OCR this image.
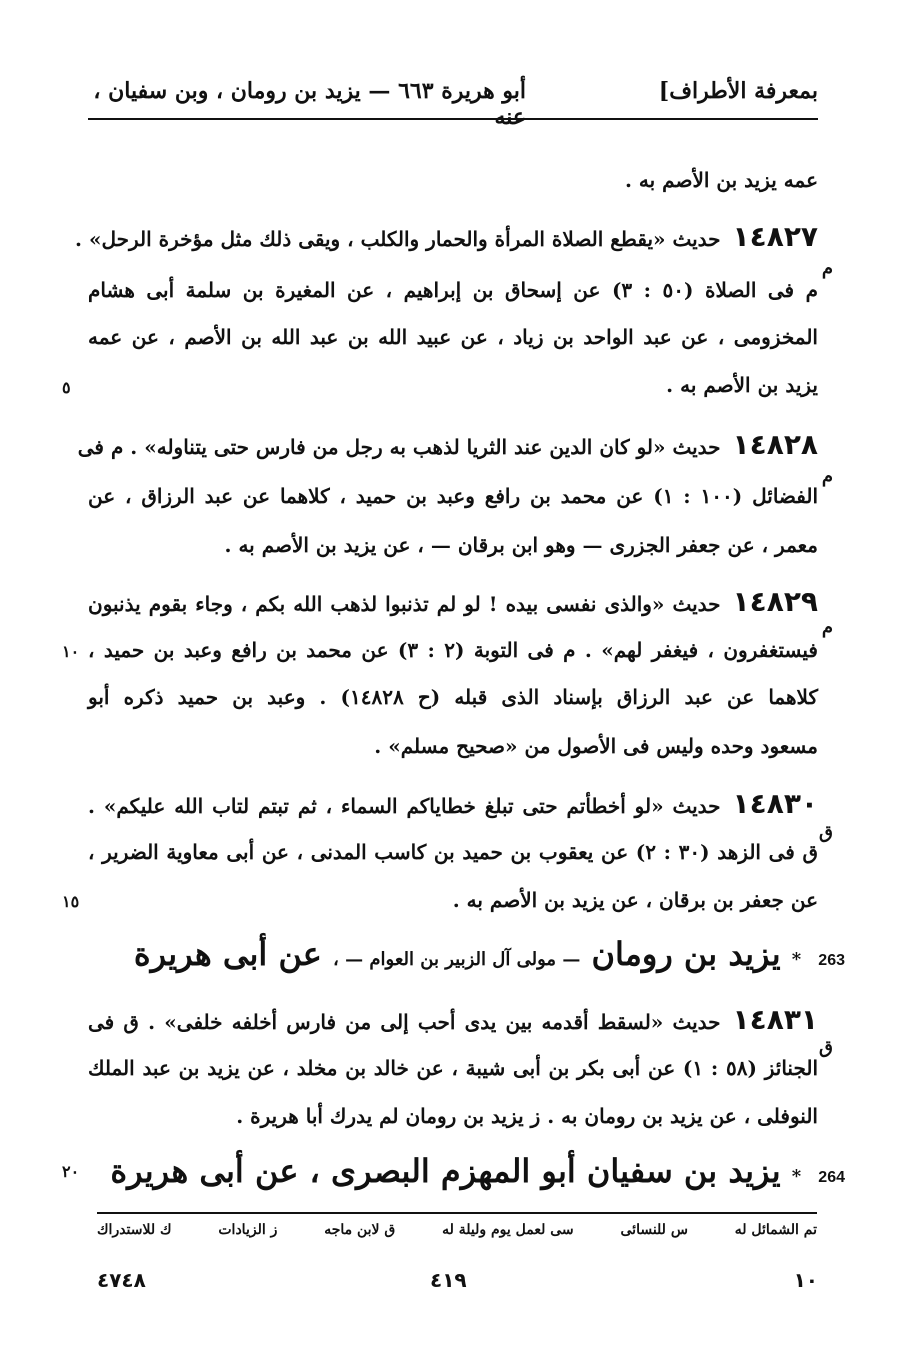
بمعرفة الأطراف]
أبو هريرة ٦٦٣ — يزيد بن رومان ، وبن سفيان ، عنه
عمه يزيد بن الأصم به .
١٤٨٢٧حديث «يقطع الصلاة المرأة والحمار والكلب ، ويقى ذلك مثل مؤخرة الرحل» .
م
م فى الصلاة (٥٠ : ٣) عن إسحاق بن إبراهيم ، عن المغيرة بن سلمة أبى هشام
المخزومى ، عن عبد الواحد بن زياد ، عن عبيد الله بن عبد الله بن الأصم ، عن عمه
يزيد بن الأصم به .
٥
١٤٨٢٨حديث «لو كان الدين عند الثريا لذهب به رجل من فارس حتى يتناوله» . م فى
م
الفضائل (١٠٠ : ١) عن محمد بن رافع وعبد بن حميد ، كلاهما عن عبد الرزاق ، عن
معمر ، عن جعفر الجزرى — وهو ابن برقان — ، عن يزيد بن الأصم به .
١٤٨٢٩حديث «والذى نفسى بيده ! لو لم تذنبوا لذهب الله بكم ، وجاء بقوم يذنبون
م
فيستغفرون ، فيغفر لهم» . م فى التوبة (٢ : ٣) عن محمد بن رافع وعبد بن حميد ،
١٠
كلاهما عن عبد الرزاق بإسناد الذى قبله (ح ١٤٨٢٨) . وعبد بن حميد ذكره أبو
مسعود وحده وليس فى الأصول من «صحيح مسلم» .
١٤٨٣٠حديث «لو أخطأتم حتى تبلغ خطاياكم السماء ، ثم تبتم لتاب الله عليكم» .
ق
ق فى الزهد (٣٠ : ٢) عن يعقوب بن حميد بن كاسب المدنى ، عن أبى معاوية الضرير ،
عن جعفر بن برقان ، عن يزيد بن الأصم به .
١٥
263 * يزيد بن رومان — مولى آل الزبير بن العوام — ، عن أبى هريرة
١٤٨٣١حديث «لسقط أقدمه بين يدى أحب إلى من فارس أخلفه خلفى» . ق فى
ق
الجنائز (٥٨ : ١) عن أبى بكر بن أبى شيبة ، عن خالد بن مخلد ، عن يزيد بن عبد الملك
النوفلى ، عن يزيد بن رومان به . ز يزيد بن رومان لم يدرك أبا هريرة .
264 * يزيد بن سفيان أبو المهزم البصرى ، عن أبى هريرة
٢٠
تم الشمائل له
س للنسائى
سى لعمل يوم وليلة له
ق لابن ماجه
ز الزيادات
ك للاستدراك
١٠
٤١٩
٤٧٤٨
